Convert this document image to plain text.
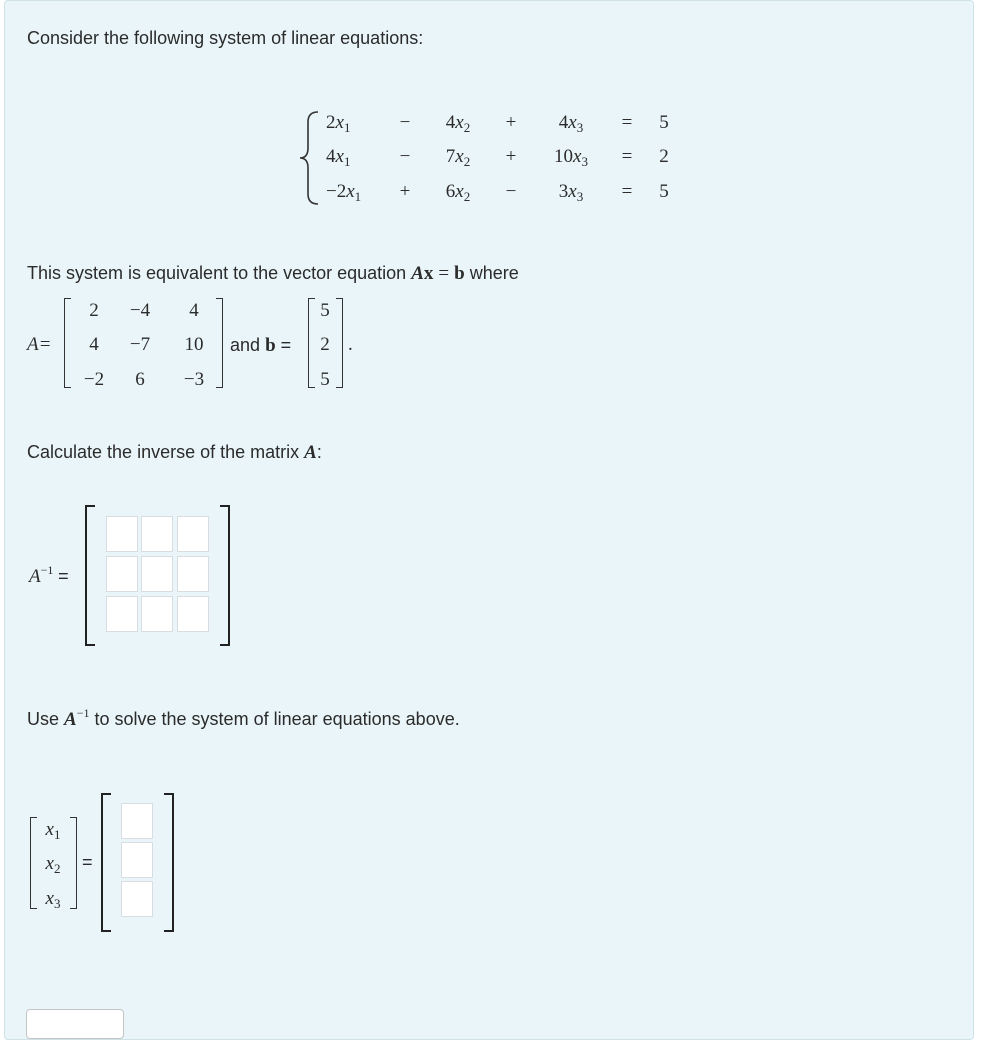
Consider the following system of linear equations:
$2x_1$	−	$4x_2$	+	$4x_3$	=	5
$4x_1$	−	$7x_2$	+	$10x_3$	=	2
$-2x_1$	+	$6x_2$	−	$3x_3$	=	5
This system is equivalent to the vector equation Ax = b where
A=
2	−4	4
4	−7	10
−2	6	−3
and b =
5
2
5
.
Calculate the inverse of the matrix A:
$A^{-1}$ =
Use $A^{-1}$ to solve the system of linear equations above.
$x_1$
$x_2$
$x_3$
=
